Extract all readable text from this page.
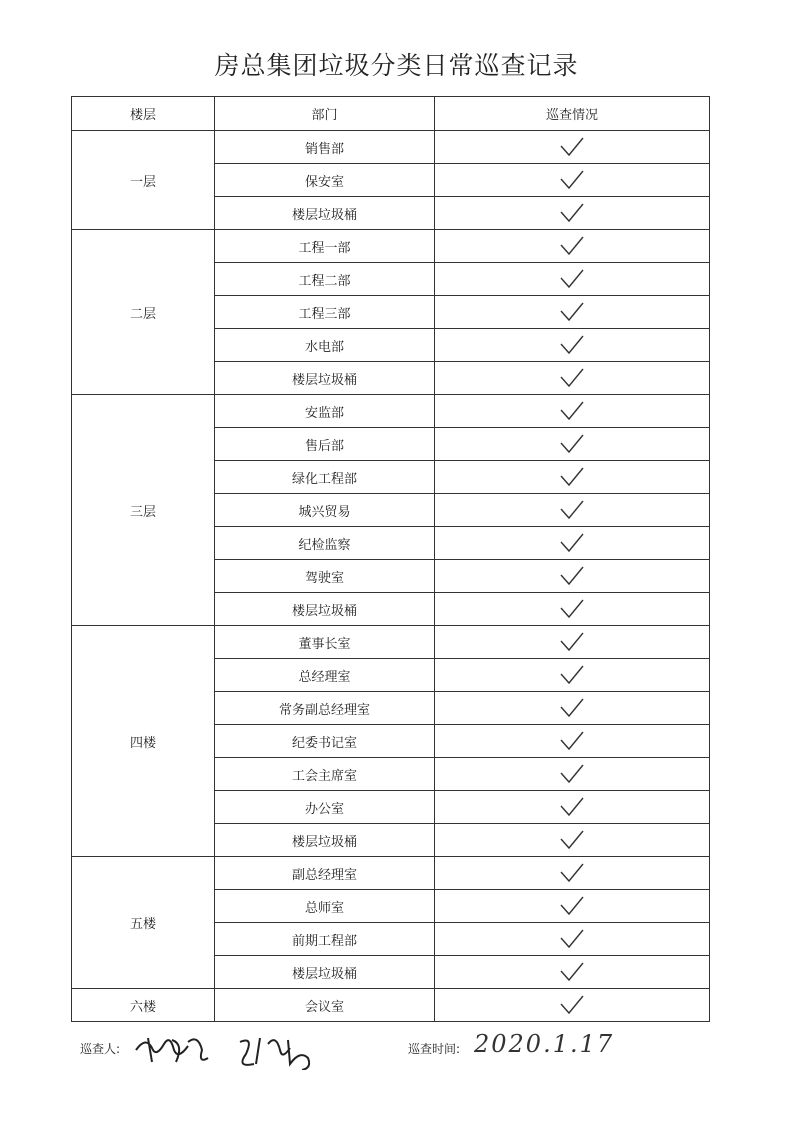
房总集团垃圾分类日常巡查记录
楼层	部门	巡查情况
一层	销售部	
	保安室	
	楼层垃圾桶	
二层	工程一部	
	工程二部	
	工程三部	
	水电部	
	楼层垃圾桶	
三层	安监部	
	售后部	
	绿化工程部	
	城兴贸易	
	纪检监察	
	驾驶室	
	楼层垃圾桶	
四楼	董事长室	
	总经理室	
	常务副总经理室	
	纪委书记室	
	工会主席室	
	办公室	
	楼层垃圾桶	
五楼	副总经理室	
	总师室	
	前期工程部	
	楼层垃圾桶	
六楼	会议室	
巡查人:	巡查时间: 2020.1.17
